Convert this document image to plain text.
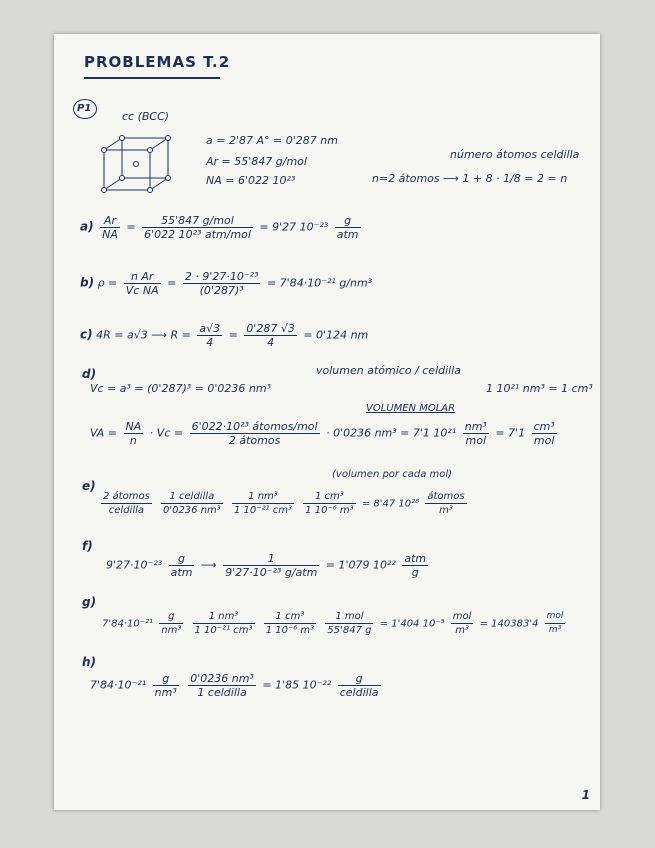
PROBLEMAS T.2
P1
cc (BCC)
a = 2'87 A° = 0'287 nm
Ar = 55'847 g/mol
NA = 6'022 10²³
número átomos celdilla
n=2 átomos ⟶ 1 + 8 · 1/8 = 2 = n
$a) \frac{Ar}{NA} = \frac{\text{55'847 g/mol}}{\text{6'022 10²³ atm/mol}} = 9'27$ $10^{-23} \frac{g}{\text{atm}}$
b) $\rho = \frac{\text{n Ar}}{\text{Vc NA}} = \frac{\text{2 · 9'27·10⁻²³}}{\text{(0'287)³}} = 7'84\cdot 10^{-21}$ g/nm³
c) 4R = a√3 ⟶ $R = \frac{a√3}{4} = \frac{0'287 √3}{4} = 0'124$ nm
d)
Vc = a³ = (0'287)³ = 0'0236 nm³
volumen atómico / celdilla
1 10²¹ nm³ = 1 cm³
VOLUMEN MOLAR
VA = $\frac{NA}{n} \cdot Vc = \frac{\text{6'022·10²³ átomos/mol}}{\text{2 átomos}} \cdot 0'0236$ nm³ = 7'1 $10^{21} \frac{\text{nm³}}{\text{mol}} = 7'1 \frac{\text{cm³}}{\text{mol}}$
(volumen por cada mol)
e)
$\frac{\text{2 átomos}}{\text{celdilla}}$
$\frac{\text{1 celdilla}}{\text{0'0236 nm³}}$
$\frac{\text{1 nm³}}{\text{1 10⁻²¹ cm³}}$
$\frac{\text{1 cm³}}{\text{1 10⁻⁶ m³}} = 8'47$ $10^{28} \frac{\text{átomos}}{\text{m³}}$
f)
$9'27\cdot 10^{-23} \frac{g}{\text{atm}}$ ⟶ $\frac{1}{\text{9'27·10⁻²³ g/atm}} = 1'079$ $10^{22} \frac{\text{atm}}{g}$
g)
$7'84\cdot 10^{-21} \frac{g}{\text{nm³}}$
$\frac{\text{1 nm³}}{\text{1 10⁻²¹ cm³}}$
$\frac{\text{1 cm³}}{\text{1 10⁻⁶ m³}}$
$\frac{\text{1 mol}}{55'847 g} = 1'404$ $10^{-5} \frac{\text{mol}}{\text{m³}} = 140383'4 \frac{\text{mol}}{\text{m³}}$
h)
$7'84\cdot 10^{-21} \frac{g}{\text{nm³}}$
$\frac{\text{0'0236 nm³}}{\text{1 celdilla}} = 1'85$ $10^{-22} \frac{g}{\text{celdilla}}$
1
